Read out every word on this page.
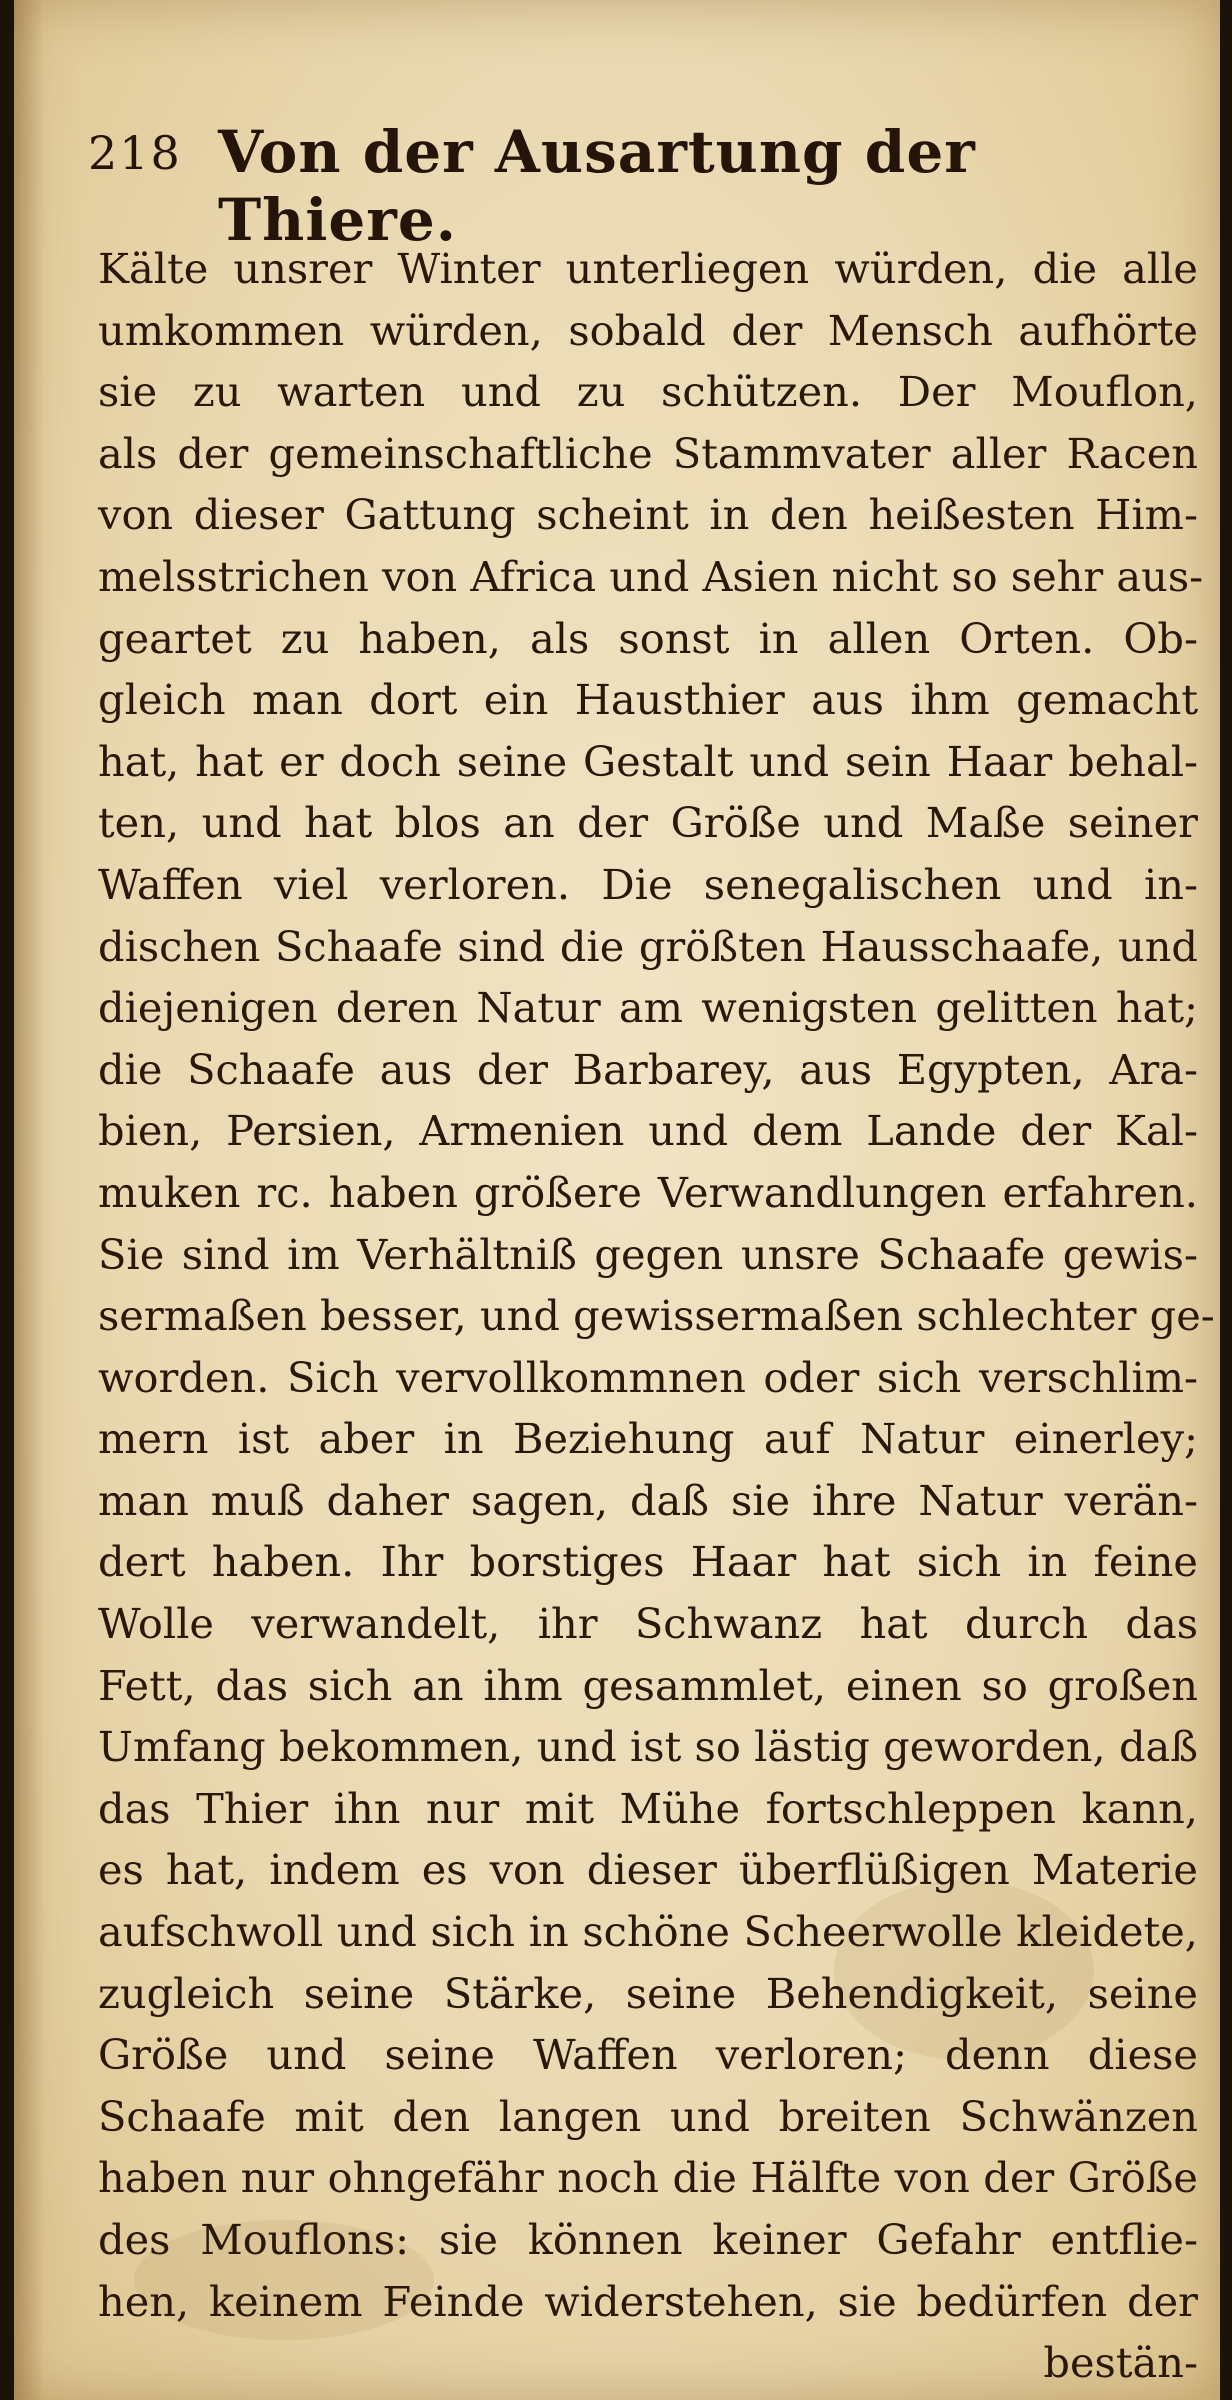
218 Von der Ausartung der Thiere.
Kälte unsrer Winter unterliegen würden, die alle
umkommen würden, sobald der Mensch aufhörte
sie zu warten und zu schützen. Der Mouflon,
als der gemeinschaftliche Stammvater aller Racen
von dieser Gattung scheint in den heißesten Him-
melsstrichen von Africa und Asien nicht so sehr aus-
geartet zu haben, als sonst in allen Orten. Ob-
gleich man dort ein Hausthier aus ihm gemacht
hat, hat er doch seine Gestalt und sein Haar behal-
ten, und hat blos an der Größe und Maße seiner
Waffen viel verloren. Die senegalischen und in-
dischen Schaafe sind die größten Hausschaafe, und
diejenigen deren Natur am wenigsten gelitten hat;
die Schaafe aus der Barbarey, aus Egypten, Ara-
bien, Persien, Armenien und dem Lande der Kal-
muken rc. haben größere Verwandlungen erfahren.
Sie sind im Verhältniß gegen unsre Schaafe gewis-
sermaßen besser, und gewissermaßen schlechter ge-
worden. Sich vervollkommnen oder sich verschlim-
mern ist aber in Beziehung auf Natur einerley;
man muß daher sagen, daß sie ihre Natur verän-
dert haben. Ihr borstiges Haar hat sich in feine
Wolle verwandelt, ihr Schwanz hat durch das
Fett, das sich an ihm gesammlet, einen so großen
Umfang bekommen, und ist so lästig geworden, daß
das Thier ihn nur mit Mühe fortschleppen kann,
es hat, indem es von dieser überflüßigen Materie
aufschwoll und sich in schöne Scheerwolle kleidete,
zugleich seine Stärke, seine Behendigkeit, seine
Größe und seine Waffen verloren; denn diese
Schaafe mit den langen und breiten Schwänzen
haben nur ohngefähr noch die Hälfte von der Größe
des Mouflons: sie können keiner Gefahr entflie-
hen, keinem Feinde widerstehen, sie bedürfen der
bestän-
